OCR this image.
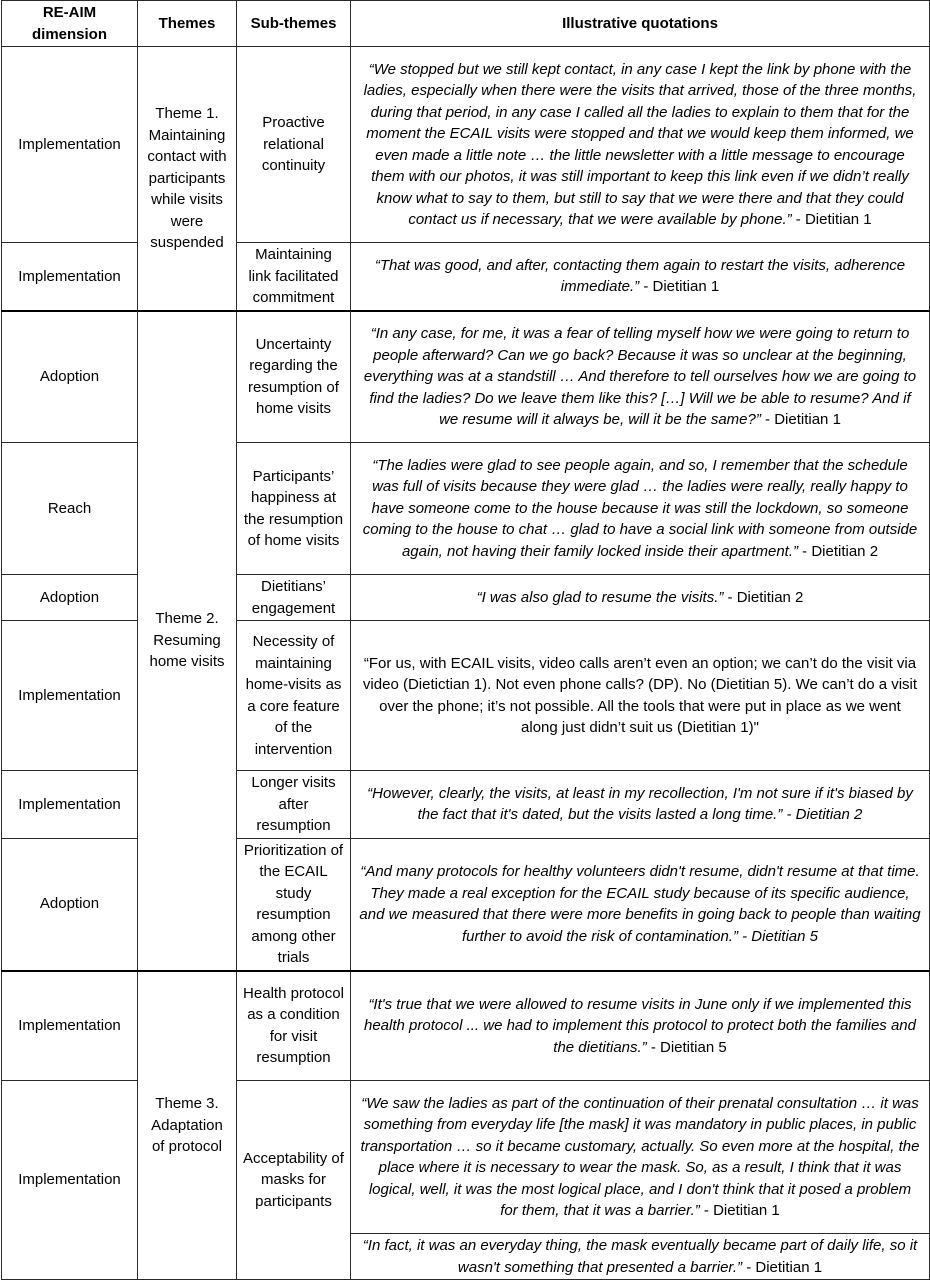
RE-AIM dimension	Themes	Sub-themes	Illustrative quotations
Implementation	Theme 1. Maintaining contact with participants while visits were suspended	Proactive relational continuity	“We stopped but we still kept contact, in any case I kept the link by phone with the ladies, especially when there were the visits that arrived, those of the three months, during that period, in any case I called all the ladies to explain to them that for the moment the ECAIL visits were stopped and that we would keep them informed, we even made a little note … the little newsletter with a little message to encourage them with our photos, it was still important to keep this link even if we didn’t really know what to say to them, but still to say that we were there and that they could contact us if necessary, that we were available by phone.” - Dietitian 1
Implementation		Maintaining link facilitated commitment	“That was good, and after, contacting them again to restart the visits, adherence immediate.” - Dietitian 1
Adoption	Theme 2. Resuming home visits	Uncertainty regarding the resumption of home visits	“In any case, for me, it was a fear of telling myself how we were going to return to people afterward? Can we go back? Because it was so unclear at the beginning, everything was at a standstill … And therefore to tell ourselves how we are going to find the ladies? Do we leave them like this? […] Will we be able to resume? And if we resume will it always be, will it be the same?” - Dietitian 1
Reach		Participants’ happiness at the resumption of home visits	“The ladies were glad to see people again, and so, I remember that the schedule was full of visits because they were glad … the ladies were really, really happy to have someone come to the house because it was still the lockdown, so someone coming to the house to chat … glad to have a social link with someone from outside again, not having their family locked inside their apartment.” - Dietitian 2
Adoption		Dietitians’ engagement	“I was also glad to resume the visits.” - Dietitian 2
Implementation		Necessity of maintaining home-visits as a core feature of the intervention	“For us, with ECAIL visits, video calls aren’t even an option; we can’t do the visit via video (Dietictian 1). Not even phone calls? (DP). No (Dietitian 5). We can’t do a visit over the phone; it’s not possible. All the tools that were put in place as we went along just didn’t suit us (Dietitian 1)"
Implementation		Longer visits after resumption	“However, clearly, the visits, at least in my recollection, I'm not sure if it's biased by the fact that it's dated, but the visits lasted a long time.” - Dietitian 2
Adoption		Prioritization of the ECAIL study resumption among other trials	“And many protocols for healthy volunteers didn't resume, didn't resume at that time. They made a real exception for the ECAIL study because of its specific audience, and we measured that there were more benefits in going back to people than waiting further to avoid the risk of contamination.” - Dietitian 5
Implementation	Theme 3. Adaptation of protocol	Health protocol as a condition for visit resumption	“It's true that we were allowed to resume visits in June only if we implemented this health protocol ... we had to implement this protocol to protect both the families and the dietitians.” - Dietitian 5
Implementation		Acceptability of masks for participants	“We saw the ladies as part of the continuation of their prenatal consultation … it was something from everyday life [the mask] it was mandatory in public places, in public transportation … so it became customary, actually. So even more at the hospital, the place where it is necessary to wear the mask. So, as a result, I think that it was logical, well, it was the most logical place, and I don't think that it posed a problem for them, that it was a barrier.” - Dietitian 1
			“In fact, it was an everyday thing, the mask eventually became part of daily life, so it wasn't something that presented a barrier.” - Dietitian 1
